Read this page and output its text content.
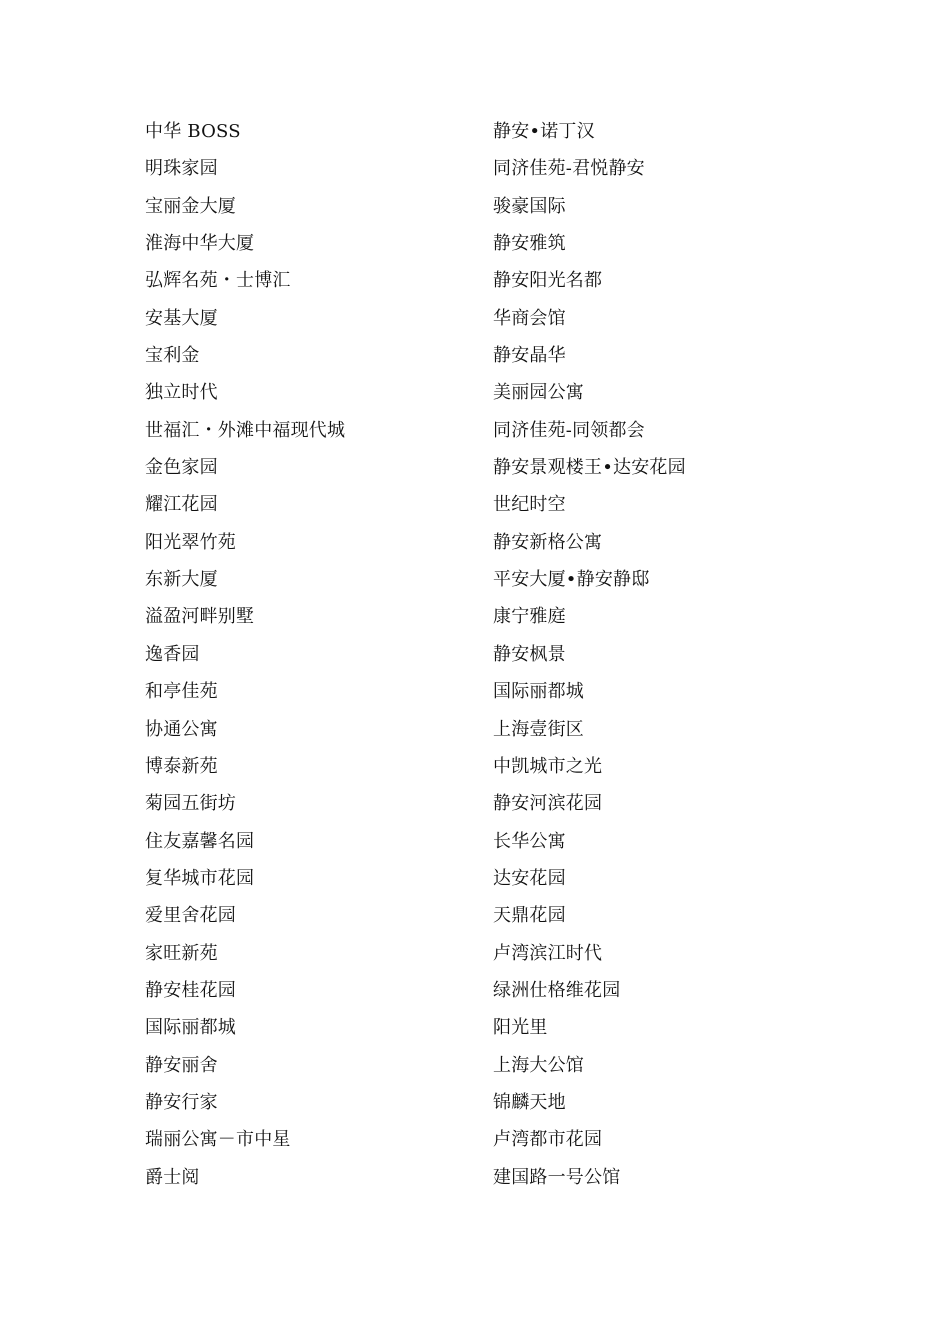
中华 BOSS
明珠家园
宝丽金大厦
淮海中华大厦
弘辉名苑・士博汇
安基大厦
宝利金
独立时代
世福汇・外滩中福现代城
金色家园
耀江花园
阳光翠竹苑
东新大厦
溢盈河畔别墅
逸香园
和亭佳苑
协通公寓
博泰新苑
菊园五街坊
住友嘉馨名园
复华城市花园
爱里舍花园
家旺新苑
静安桂花园
国际丽都城
静安丽舍
静安行家
瑞丽公寓－市中星
爵士阅
静安•诺丁汉
同济佳苑-君悦静安
骏豪国际
静安雅筑
静安阳光名都
华商会馆
静安晶华
美丽园公寓
同济佳苑-同领都会
静安景观楼王•达安花园
世纪时空
静安新格公寓
平安大厦•静安静邸
康宁雅庭
静安枫景
国际丽都城
上海壹街区
中凯城市之光
静安河滨花园
长华公寓
达安花园
天鼎花园
卢湾滨江时代
绿洲仕格维花园
阳光里
上海大公馆
锦麟天地
卢湾都市花园
建国路一号公馆
